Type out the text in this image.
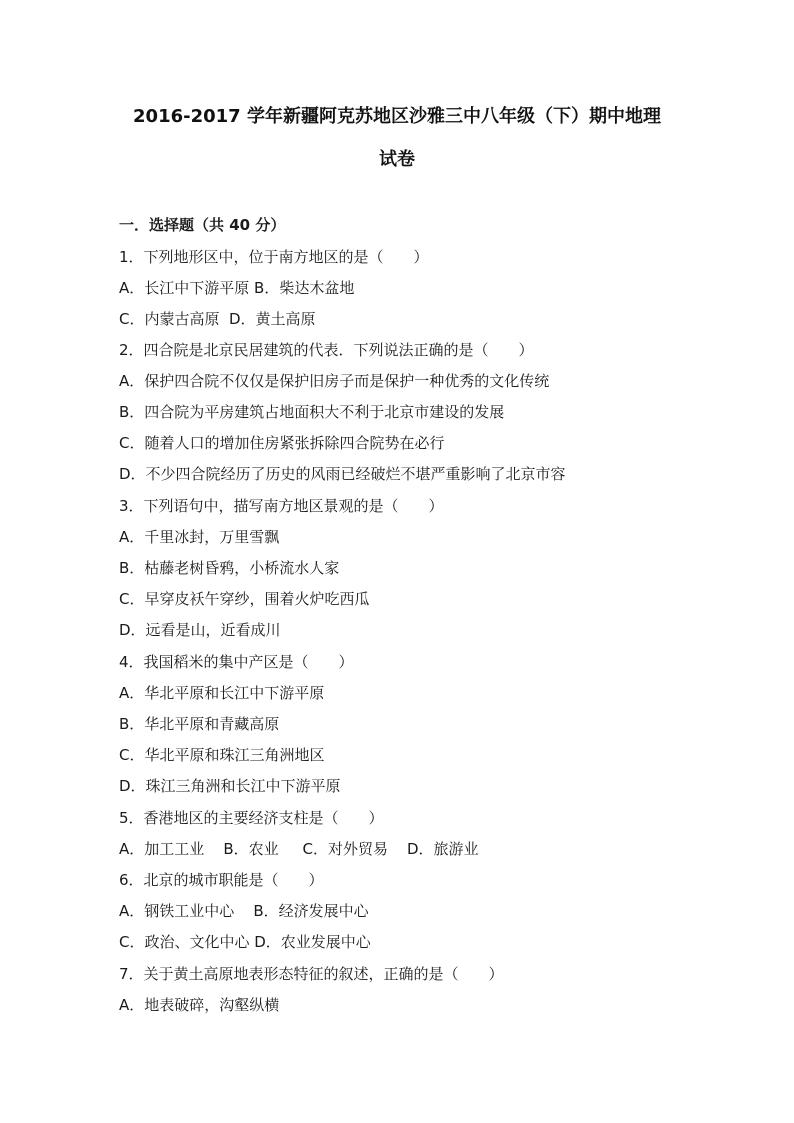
2016-2017 学年新疆阿克苏地区沙雅三中八年级（下）期中地理
试卷
一．选择题（共 40 分）
1．下列地形区中，位于南方地区的是（　　）
A．长江中下游平原 B．柴达木盆地
C．内蒙古高原  D．黄土高原
2．四合院是北京民居建筑的代表．下列说法正确的是（　　）
A．保护四合院不仅仅是保护旧房子而是保护一种优秀的文化传统
B．四合院为平房建筑占地面积大不利于北京市建设的发展
C．随着人口的增加住房紧张拆除四合院势在必行
D．不少四合院经历了历史的风雨已经破烂不堪严重影响了北京市容
3．下列语句中，描写南方地区景观的是（　　）
A．千里冰封，万里雪飘
B．枯藤老树昏鸦，小桥流水人家
C．早穿皮袄午穿纱，围着火炉吃西瓜
D．远看是山，近看成川
4．我国稻米的集中产区是（　　）
A．华北平原和长江中下游平原
B．华北平原和青藏高原
C．华北平原和珠江三角洲地区
D．珠江三角洲和长江中下游平原
5．香港地区的主要经济支柱是（　　）
A．加工工业    B．农业     C．对外贸易    D．旅游业
6．北京的城市职能是（　　）
A．钢铁工业中心    B．经济发展中心
C．政治、文化中心 D．农业发展中心
7．关于黄土高原地表形态特征的叙述，正确的是（　　）
A．地表破碎，沟壑纵横
